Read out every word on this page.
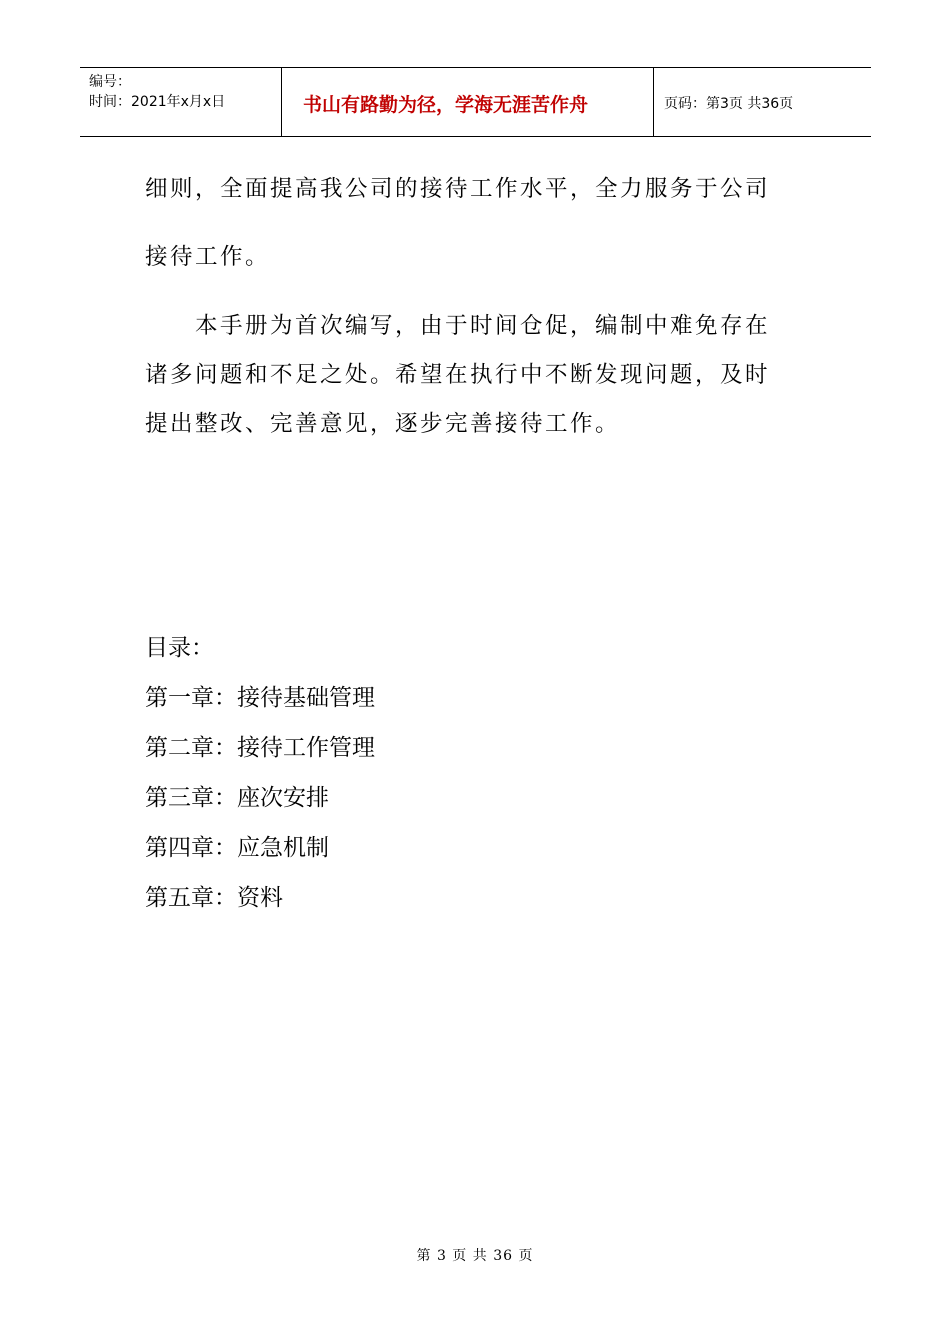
编号：
时间：2021年x月x日	书山有路勤为径，学海无涯苦作舟	页码：第3页 共36页

细则，全面提高我公司的接待工作水平，全力服务于公司

接待工作。

本手册为首次编写，由于时间仓促，编制中难免存在
诸多问题和不足之处。希望在执行中不断发现问题，及时
提出整改、完善意见，逐步完善接待工作。

目录：
第一章：接待基础管理
第二章：接待工作管理
第三章：座次安排
第四章：应急机制
第五章：资料
第 3 页 共 36 页
